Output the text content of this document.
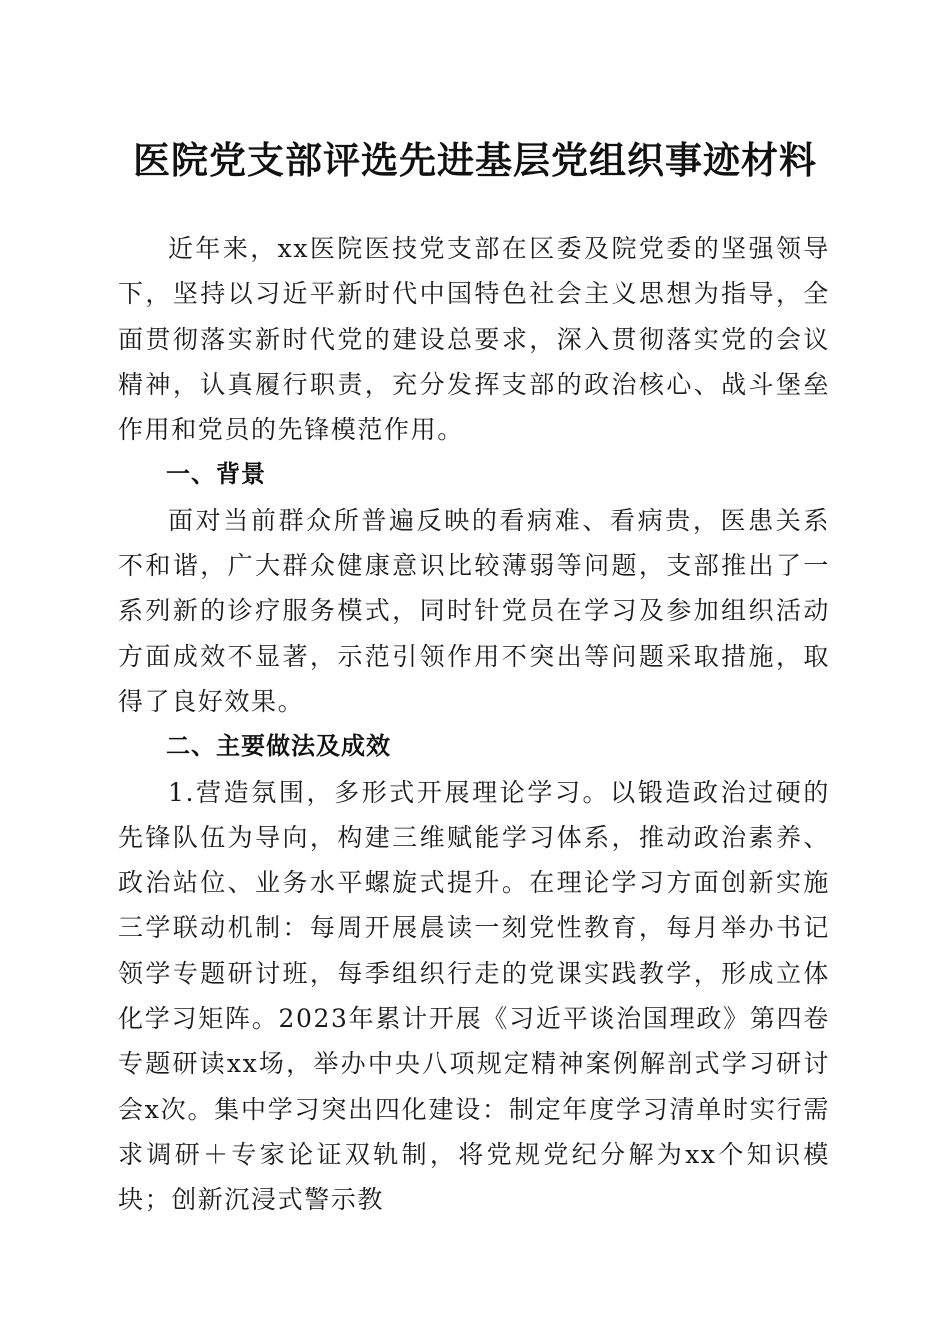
医院党支部评选先进基层党组织事迹材料

近年来，xx医院医技党支部在区委及院党委的坚强领导下，坚持以习近平新时代中国特色社会主义思想为指导，全面贯彻落实新时代党的建设总要求，深入贯彻落实党的会议精神，认真履行职责，充分发挥支部的政治核心、战斗堡垒作用和党员的先锋模范作用。

一、背景

面对当前群众所普遍反映的看病难、看病贵，医患关系不和谐，广大群众健康意识比较薄弱等问题，支部推出了一系列新的诊疗服务模式，同时针党员在学习及参加组织活动方面成效不显著，示范引领作用不突出等问题采取措施，取得了良好效果。

二、主要做法及成效

1.营造氛围，多形式开展理论学习。以锻造政治过硬的先锋队伍为导向，构建三维赋能学习体系，推动政治素养、政治站位、业务水平螺旋式提升。在理论学习方面创新实施三学联动机制：每周开展晨读一刻党性教育，每月举办书记领学专题研讨班，每季组织行走的党课实践教学，形成立体化学习矩阵。2023年累计开展《习近平谈治国理政》第四卷专题研读xx场，举办中央八项规定精神案例解剖式学习研讨会x次。集中学习突出四化建设：制定年度学习清单时实行需求调研＋专家论证双轨制，将党规党纪分解为xx个知识模块；创新沉浸式警示教
